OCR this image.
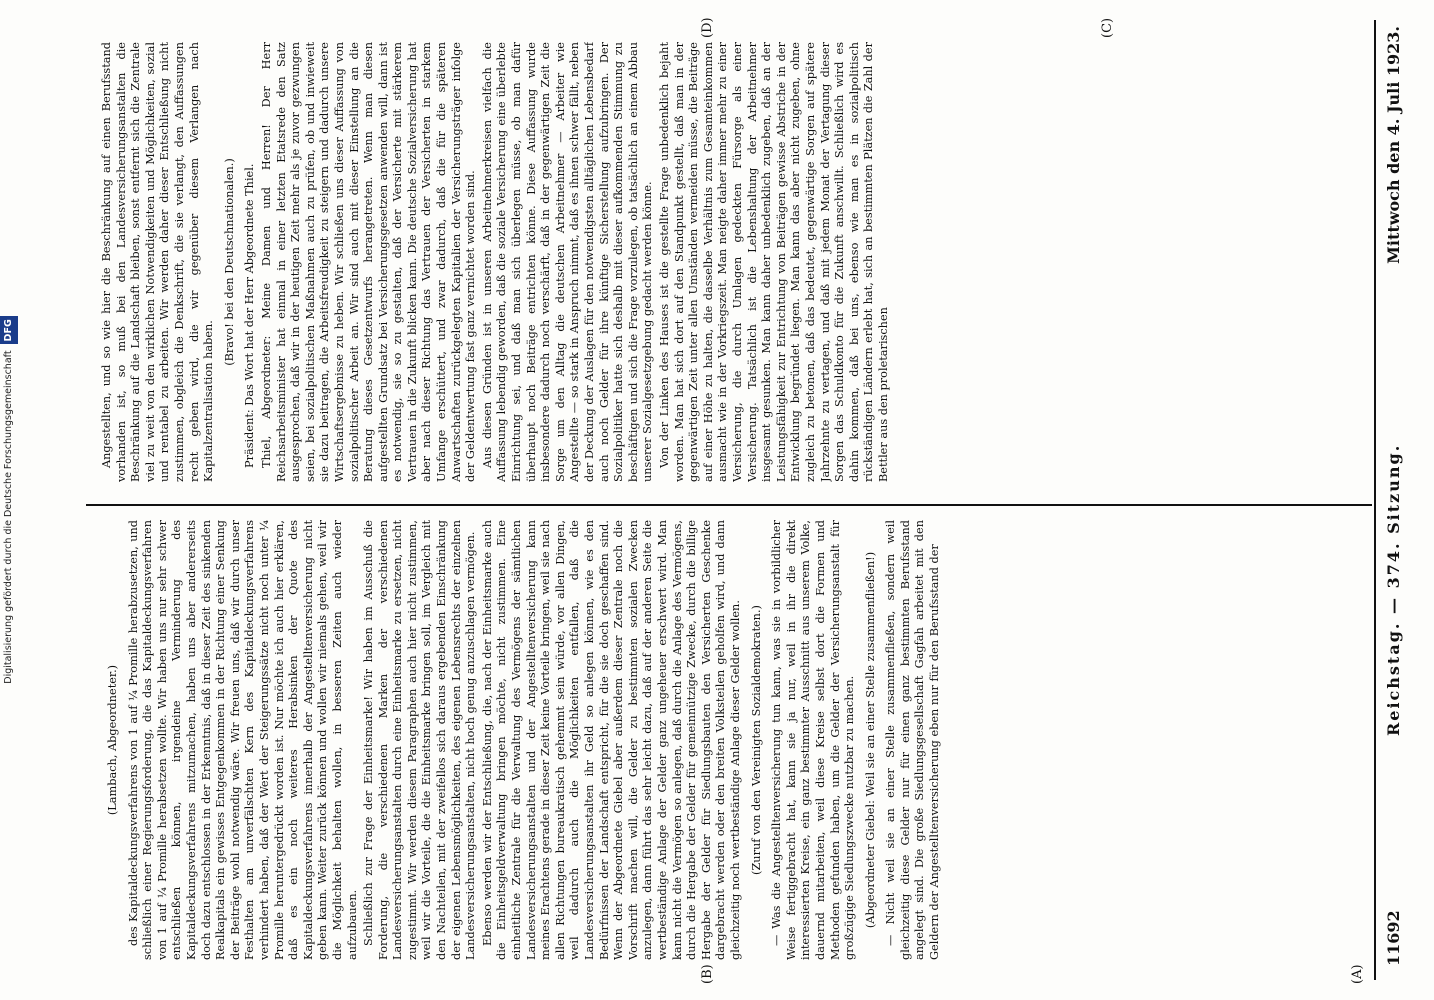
11692
Reichstag. — 374. Sitzung.
Mittwoch den 4. Juli 1923.
(A)
(B)
(C)
(D)

(Lambach, Abgeordneter.) des Kapitaldeckungsverfahrens von 1 auf ¼ Promille herabzusetzen, und schließlich einer Regierungsforderung, die das Kapitaldeckungsverfahren von 1 auf ¼ Promille herabsetzen wollte. Wir haben uns nur sehr schwer entschließen können, irgendeine Verminderung des Kapitaldeckungsverfahrens mitzumachen, haben uns aber andererseits doch dazu entschlossen in der Erkenntnis, daß in dieser Zeit des sinkenden Realkapitals ein gewisses Entgegenkommen in der Richtung einer Senkung der Beiträge wohl notwendig wäre. Wir freuen uns, daß wir durch unser Festhalten am unverfälschten Kern des Kapitaldeckungsverfahrens verhindert haben, daß der Wert der Steigerungssätze nicht noch unter ¼ Promille heruntergedrückt worden ist. Nur möchte ich auch hier erklären, daß es ein noch weiteres Herabsinken der Quote des Kapitaldeckungsverfahrens innerhalb der Angestelltenversicherung nicht geben kann. Weiter zurück können und wollen wir niemals gehen, weil wir die Möglichkeit behalten wollen, in besseren Zeiten auch wieder aufzubauen. Schließlich zur Frage der Einheitsmarke! Wir haben im Ausschuß die Forderung, die verschiedenen Marken der verschiedenen Landesversicherungsanstalten durch eine Einheitsmarke zu ersetzen, nicht zugestimmt. Wir werden diesem Paragraphen auch hier nicht zustimmen, weil wir die Vorteile, die die Einheitsmarke bringen soll, im Vergleich mit den Nachteilen, mit der zweifellos sich daraus ergebenden Einschränkung der eigenen Lebensmöglichkeiten, des eigenen Lebensrechts der einzelnen Landesversicherungsanstalten, nicht hoch genug anzuschlagen vermögen. Ebenso werden wir der Entschließung, die, nach der Einheitsmarke auch die Einheitsgeldverwaltung bringen möchte, nicht zustimmen. Eine einheitliche Zentrale für die Verwaltung des Vermögens der sämtlichen Landesversicherungsanstalten und der Angestelltenversicherung kann meines Erachtens gerade in dieser Zeit keine Vorteile bringen, weil sie nach allen Richtungen bureaukratisch gehemmt sein würde, vor allen Dingen, weil dadurch auch die Möglichkeiten entfallen, daß die Landesversicherungsanstalten ihr Geld so anlegen können, wie es den Bedürfnissen der Landschaft entspricht, für die sie doch geschaffen sind. Wenn der Abgeordnete Giebel aber außerdem dieser Zentrale noch die Vorschrift machen will, die Gelder zu bestimmten sozialen Zwecken anzulegen, dann führt das sehr leicht dazu, daß auf der anderen Seite die wertbeständige Anlage der Gelder ganz ungeheuer erschwert wird. Man kann nicht die Vermögen so anlegen, daß durch die Anlage des Vermögens, durch die Hergabe der Gelder für gemeinnützige Zwecke, durch die billige Hergabe der Gelder für Siedlungsbauten den Versicherten Geschenke dargebracht werden oder den breiten Volksteilen geholfen wird, und dann gleichzeitig noch wertbeständige Anlage dieser Gelder wollen. (Zuruf von den Vereinigten Sozialdemokraten.) — Was die Angestelltenversicherung tun kann, was sie in vorbildlicher Weise fertiggebracht hat, kann sie ja nur, weil in ihr die direkt interessierten Kreise, ein ganz bestimmter Ausschnitt aus unserem Volke, dauernd mitarbeiten, weil diese Kreise selbst dort die Formen und Methoden gefunden haben, um die Gelder der Versicherungsanstalt für großzügige Siedlungszwecke nutzbar zu machen. (Abgeordneter Giebel: Weil sie an einer Stelle zusammenfließen!) — Nicht weil sie an einer Stelle zusammenfließen, sondern weil gleichzeitig diese Gelder nur für einen ganz bestimmten Berufsstand angelegt sind. Die große Siedlungsgesellschaft Gagfah arbeitet mit den Geldern der Angestelltenversicherung eben nur für den Berufsstand der

Angestellten, und so wie hier die Beschränkung auf einen Berufsstand vorhanden ist, so muß bei den Landesversicherungsanstalten die Beschränkung auf die Landschaft bleiben, sonst entfernt sich die Zentrale viel zu weit von den wirklichen Notwendigkeiten und Möglichkeiten, sozial und rentabel zu arbeiten. Wir werden daher dieser Entschließung nicht zustimmen, obgleich die Denkschrift, die sie verlangt, den Auffassungen recht geben wird, die wir gegenüber diesem Verlangen nach Kapitalzentralisation haben.

(Bravo! bei den Deutschnationalen.) Präsident: Das Wort hat der Herr Abgeordnete Thiel. Thiel, Abgeordneter: Meine Damen und Herren! Der Herr Reichsarbeitsminister hat einmal in einer letzten Etatsrede den Satz ausgesprochen, daß wir in der heutigen Zeit mehr als je zuvor gezwungen seien, bei sozialpolitischen Maßnahmen auch zu prüfen, ob und inwieweit sie dazu beitragen, die Arbeitsfreudigkeit zu steigern und dadurch unsere Wirtschaftsergebnisse zu heben. Wir schließen uns dieser Auffassung von sozialpolitischer Arbeit an. Wir sind auch mit dieser Einstellung an die Beratung dieses Gesetzentwurfs herangetreten. Wenn man diesen aufgestellten Grundsatz bei Versicherungsgesetzen anwenden will, dann ist es notwendig, sie so zu gestalten, daß der Versicherte mit stärkerem Vertrauen in die Zukunft blicken kann. Die deutsche Sozialversicherung hat aber nach dieser Richtung das Vertrauen der Versicherten in starkem Umfange erschüttert, und zwar dadurch, daß die für die späteren Anwartschaften zurückgelegten Kapitalien der Versicherungsträger infolge der Geldentwertung fast ganz vernichtet worden sind. Aus diesen Gründen ist in unseren Arbeitnehmerkreisen vielfach die Auffassung lebendig geworden, daß die soziale Versicherung eine überlebte Einrichtung sei, und daß man sich überlegen müsse, ob man dafür überhaupt noch Beiträge entrichten könne. Diese Auffassung wurde insbesondere dadurch noch verschärft, daß in der gegenwärtigen Zeit die Sorge um den Alltag die deutschen Arbeitnehmer — Arbeiter wie Angestellte — so stark in Anspruch nimmt, daß es ihnen schwer fällt, neben der Deckung der Auslagen für den notwendigsten alltäglichen Lebensbedarf auch noch Gelder für ihre künftige Sicherstellung aufzubringen. Der Sozialpolitiker hatte sich deshalb mit dieser aufkommenden Stimmung zu beschäftigen und sich die Frage vorzulegen, ob tatsächlich an einem Abbau unserer Sozialgesetzgebung gedacht werden könne. Von der Linken des Hauses ist die gestellte Frage unbedenklich bejaht worden. Man hat sich dort auf den Standpunkt gestellt, daß man in der gegenwärtigen Zeit unter allen Umständen vermeiden müsse, die Beiträge auf einer Höhe zu halten, die dasselbe Verhältnis zum Gesamteinkommen ausmacht wie in der Vorkriegszeit. Man neigte daher immer mehr zu einer Versicherung, die durch Umlagen gedeckten Fürsorge als einer Versicherung. Tatsächlich ist die Lebenshaltung der Arbeitnehmer insgesamt gesunken. Man kann daher unbedenklich zugeben, daß an der Leistungsfähigkeit zur Entrichtung von Beiträgen gewisse Abstriche in der Entwicklung begründet liegen. Man kann das aber nicht zugeben, ohne zugleich zu betonen, daß das bedeutet, gegenwärtige Sorgen auf spätere Jahrzehnte zu vertagen, und daß mit jedem Monat der Vertagung dieser Sorgen das Schuldkonto für die Zukunft anschwillt. Schließlich wird es dahin kommen, daß bei uns, ebenso wie man es in sozialpolitisch rückständigen Ländern erlebt hat, sich an bestimmten Plätzen die Zahl der Bettler aus den proletarischen

Digitalisierung gefördert durch die Deutsche ForschungsgemeinschaftDFG
